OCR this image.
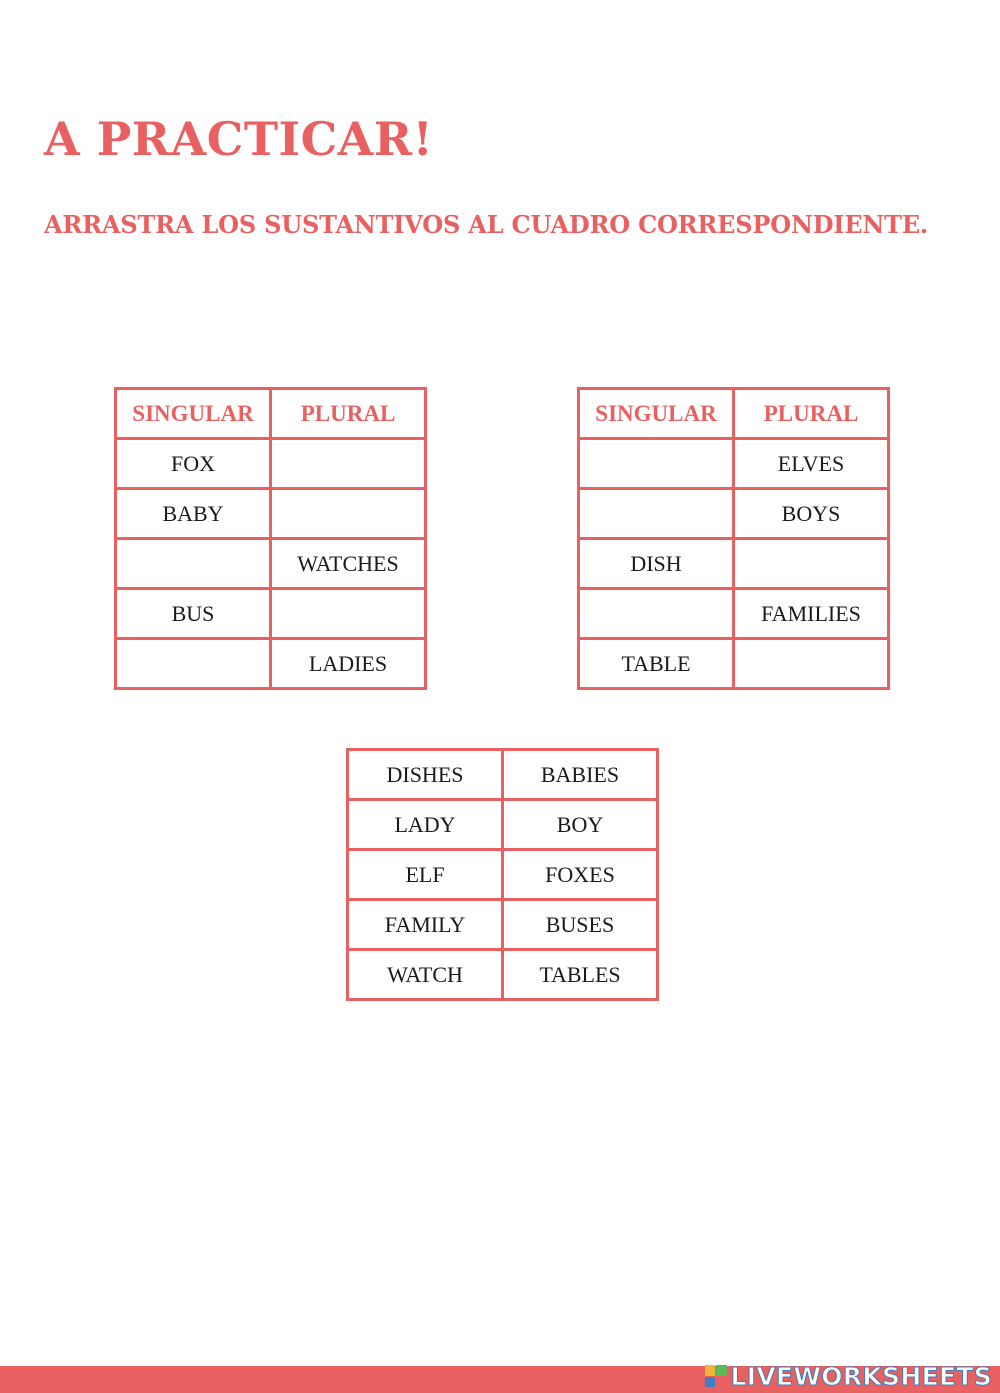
A PRACTICAR!
ARRASTRA LOS SUSTANTIVOS AL CUADRO CORRESPONDIENTE.
SINGULAR	PLURAL
FOX	
BABY	
	WATCHES
BUS	
	LADIES
SINGULAR	PLURAL
	ELVES
	BOYS
DISH	
	FAMILIES
TABLE	
DISHES	BABIES
LADY	BOY
ELF	FOXES
FAMILY	BUSES
WATCH	TABLES
LIVEWORKSHEETS
